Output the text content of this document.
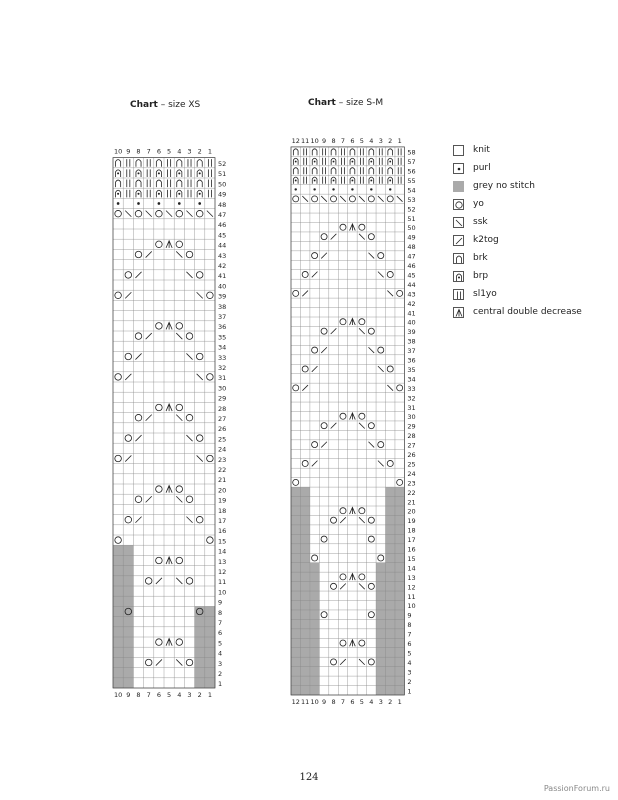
Chart – size XS	Chart – size S-M
1
2
3
4
5
6
7
8
9
10
11
12
13
14
15
16
17
18
19
20
21
22
23
24
25
26
27
28
29
30
31
32
33
34
35
36
37
38
39
40
41
42
43
44
45
46
47
48
49
50
51
52
10
10
9
9
8
8
7
7
6
6
5
5
4
4
3
3
2
2
1
1	1
2
3
4
5
6
7
8
9
10
11
12
13
14
15
16
17
18
19
20
21
22
23
24
25
26
27
28
29
30
31
32
33
34
35
36
37
38
39
40
41
42
43
44
45
46
47
48
49
50
51
52
53
54
55
56
57
58
12
12
11
11
10
10
9
9
8
8
7
7
6
6
5
5
4
4
3
3
2
2
1
1
knit
purl
grey no stitch
yo
ssk
k2tog
brk
brp
sl1yo
central double decrease
124
PassionForum.ru
